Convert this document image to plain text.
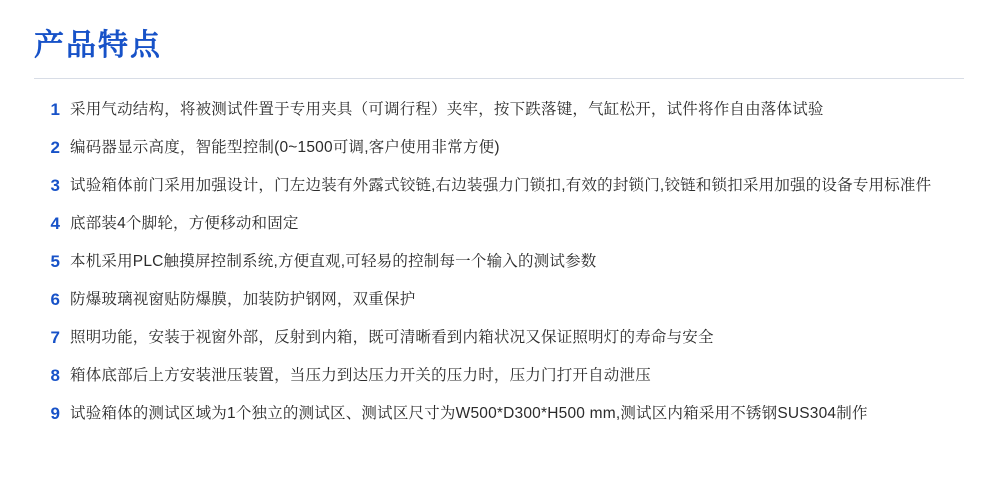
产品特点
1 采用气动结构，将被测试件置于专用夹具（可调行程）夹牢，按下跌落键，气缸松开，试件将作自由落体试验
2 编码器显示高度，智能型控制(0~1500可调,客户使用非常方便)
3 试验箱体前门采用加强设计，门左边装有外露式铰链,右边装强力门锁扣,有效的封锁门,铰链和锁扣采用加强的设备专用标准件
4 底部装4个脚轮，方便移动和固定
5 本机采用PLC触摸屏控制系统,方便直观,可轻易的控制每一个输入的测试参数
6 防爆玻璃视窗贴防爆膜，加装防护钢网，双重保护
7 照明功能，安装于视窗外部，反射到内箱，既可清晰看到内箱状况又保证照明灯的寿命与安全
8 箱体底部后上方安装泄压装置，当压力到达压力开关的压力时，压力门打开自动泄压
9 试验箱体的测试区域为1个独立的测试区、测试区尺寸为W500*D300*H500 mm,测试区内箱采用不锈钢SUS304制作
